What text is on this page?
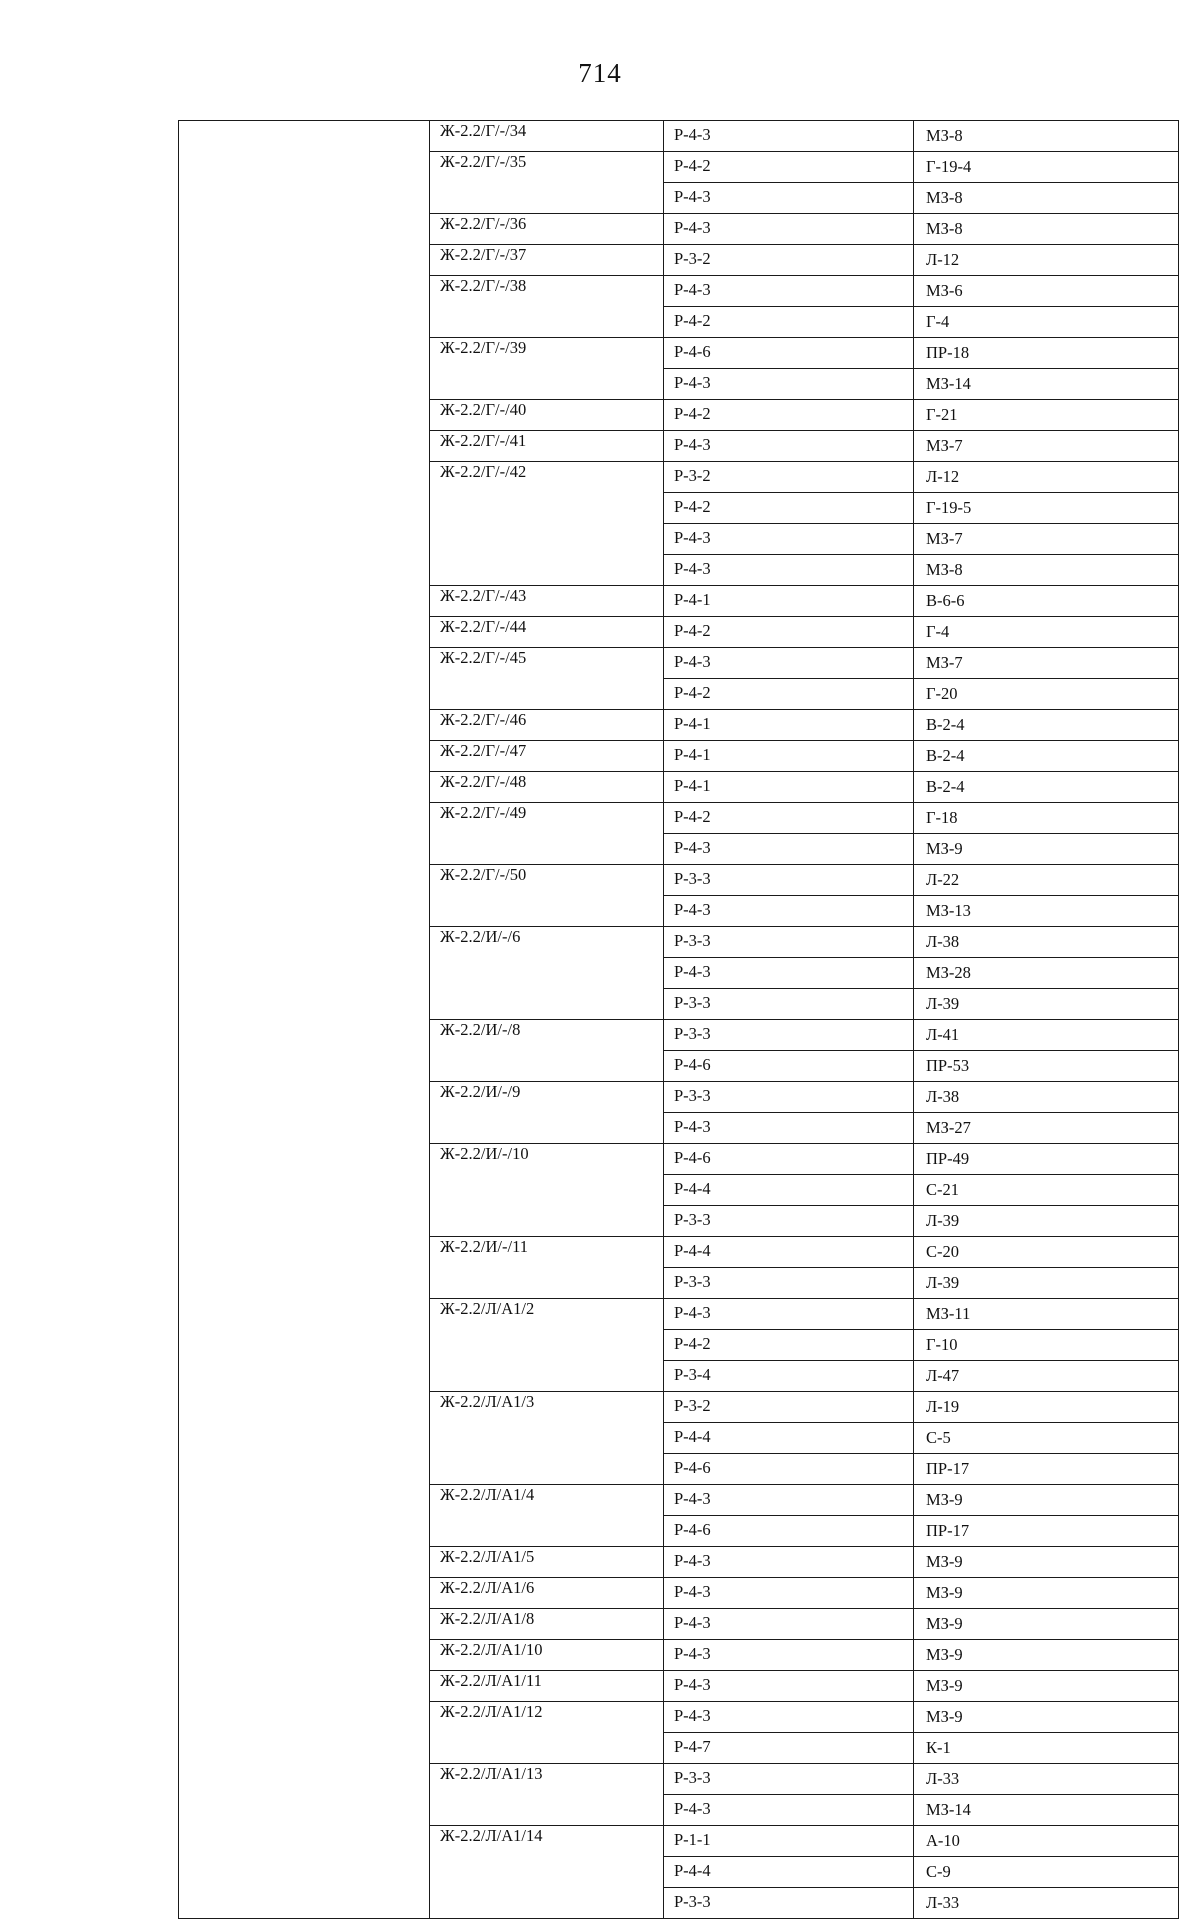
714
	Ж-2.2/Г/-/34	Р-4-3	МЗ-8
	Ж-2.2/Г/-/35	Р-4-2	Г-19-4
		Р-4-3	МЗ-8
	Ж-2.2/Г/-/36	Р-4-3	МЗ-8
	Ж-2.2/Г/-/37	Р-3-2	Л-12
	Ж-2.2/Г/-/38	Р-4-3	МЗ-6
		Р-4-2	Г-4
	Ж-2.2/Г/-/39	Р-4-6	ПР-18
		Р-4-3	МЗ-14
	Ж-2.2/Г/-/40	Р-4-2	Г-21
	Ж-2.2/Г/-/41	Р-4-3	МЗ-7
	Ж-2.2/Г/-/42	Р-3-2	Л-12
		Р-4-2	Г-19-5
		Р-4-3	МЗ-7
		Р-4-3	МЗ-8
	Ж-2.2/Г/-/43	Р-4-1	В-6-6
	Ж-2.2/Г/-/44	Р-4-2	Г-4
	Ж-2.2/Г/-/45	Р-4-3	МЗ-7
		Р-4-2	Г-20
	Ж-2.2/Г/-/46	Р-4-1	В-2-4
	Ж-2.2/Г/-/47	Р-4-1	В-2-4
	Ж-2.2/Г/-/48	Р-4-1	В-2-4
	Ж-2.2/Г/-/49	Р-4-2	Г-18
		Р-4-3	МЗ-9
	Ж-2.2/Г/-/50	Р-3-3	Л-22
		Р-4-3	МЗ-13
	Ж-2.2/И/-/6	Р-3-3	Л-38
		Р-4-3	МЗ-28
		Р-3-3	Л-39
	Ж-2.2/И/-/8	Р-3-3	Л-41
		Р-4-6	ПР-53
	Ж-2.2/И/-/9	Р-3-3	Л-38
		Р-4-3	МЗ-27
	Ж-2.2/И/-/10	Р-4-6	ПР-49
		Р-4-4	С-21
		Р-3-3	Л-39
	Ж-2.2/И/-/11	Р-4-4	С-20
		Р-3-3	Л-39
	Ж-2.2/Л/А1/2	Р-4-3	МЗ-11
		Р-4-2	Г-10
		Р-3-4	Л-47
	Ж-2.2/Л/А1/3	Р-3-2	Л-19
		Р-4-4	С-5
		Р-4-6	ПР-17
	Ж-2.2/Л/А1/4	Р-4-3	МЗ-9
		Р-4-6	ПР-17
	Ж-2.2/Л/А1/5	Р-4-3	МЗ-9
	Ж-2.2/Л/А1/6	Р-4-3	МЗ-9
	Ж-2.2/Л/А1/8	Р-4-3	МЗ-9
	Ж-2.2/Л/А1/10	Р-4-3	МЗ-9
	Ж-2.2/Л/А1/11	Р-4-3	МЗ-9
	Ж-2.2/Л/А1/12	Р-4-3	МЗ-9
		Р-4-7	К-1
	Ж-2.2/Л/А1/13	Р-3-3	Л-33
		Р-4-3	МЗ-14
	Ж-2.2/Л/А1/14	Р-1-1	А-10
		Р-4-4	С-9
		Р-3-3	Л-33
